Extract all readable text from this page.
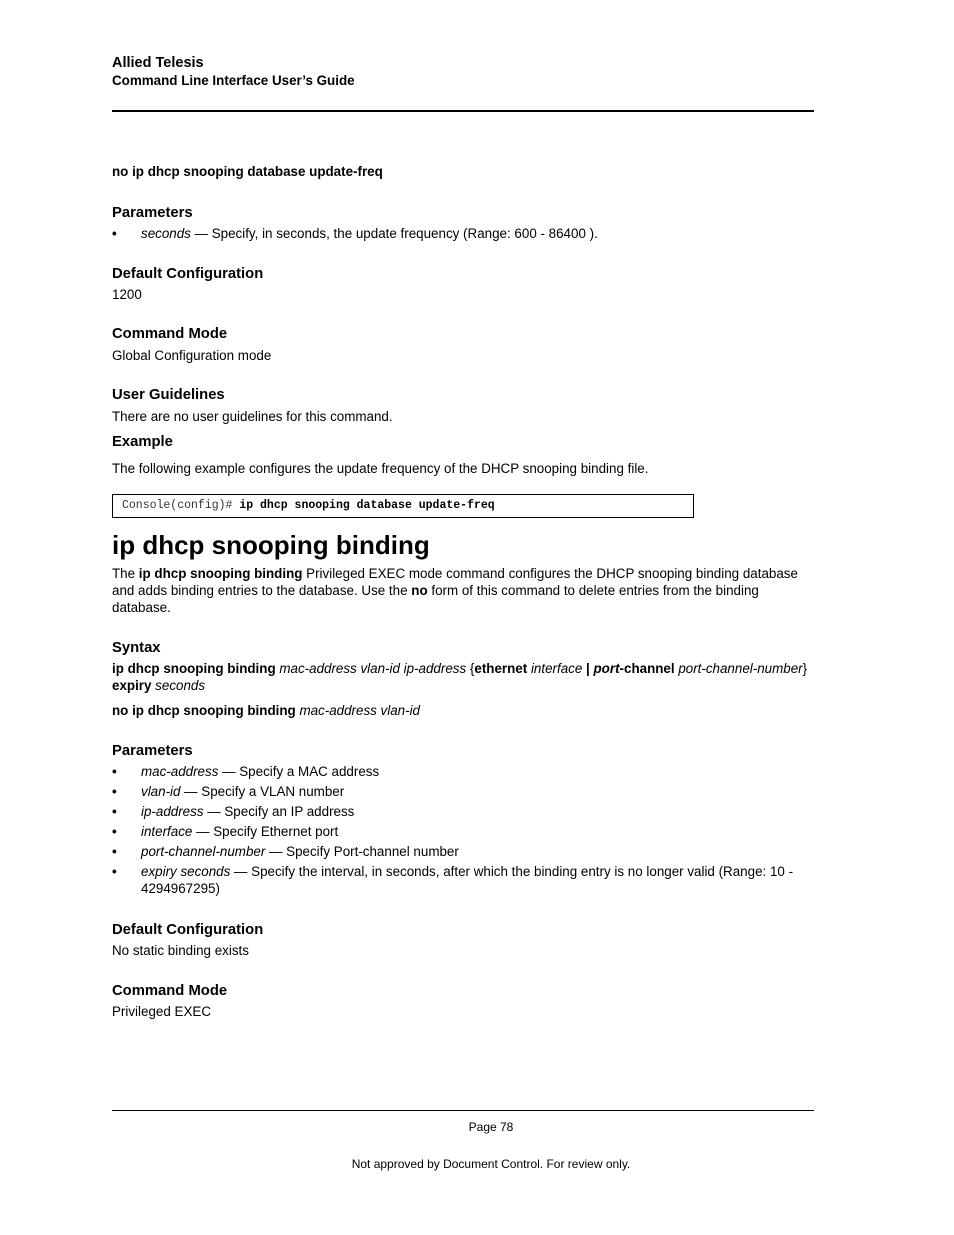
Allied Telesis
Command Line Interface User’s Guide
no ip dhcp snooping database update-freq
Parameters
• seconds — Specify, in seconds, the update frequency (Range: 600 - 86400 ).
Default Configuration
1200
Command Mode
Global Configuration mode
User Guidelines
There are no user guidelines for this command.
Example
The following example configures the update frequency of the DHCP snooping binding file.
Console(config)# ip dhcp snooping database update-freq
ip dhcp snooping binding
The ip dhcp snooping binding Privileged EXEC mode command configures the DHCP snooping binding database and adds binding entries to the database. Use the no form of this command to delete entries from the binding database.
Syntax
ip dhcp snooping binding mac-address vlan-id ip-address {ethernet interface | port-channel port-channel-number} expiry seconds
no ip dhcp snooping binding mac-address vlan-id
Parameters
• mac-address — Specify a MAC address
• vlan-id — Specify a VLAN number
• ip-address — Specify an IP address
• interface — Specify Ethernet port
• port-channel-number — Specify Port-channel number
• expiry seconds — Specify the interval, in seconds, after which the binding entry is no longer valid (Range: 10 - 4294967295)
Default Configuration
No static binding exists
Command Mode
Privileged EXEC
Page 78
Not approved by Document Control. For review only.
